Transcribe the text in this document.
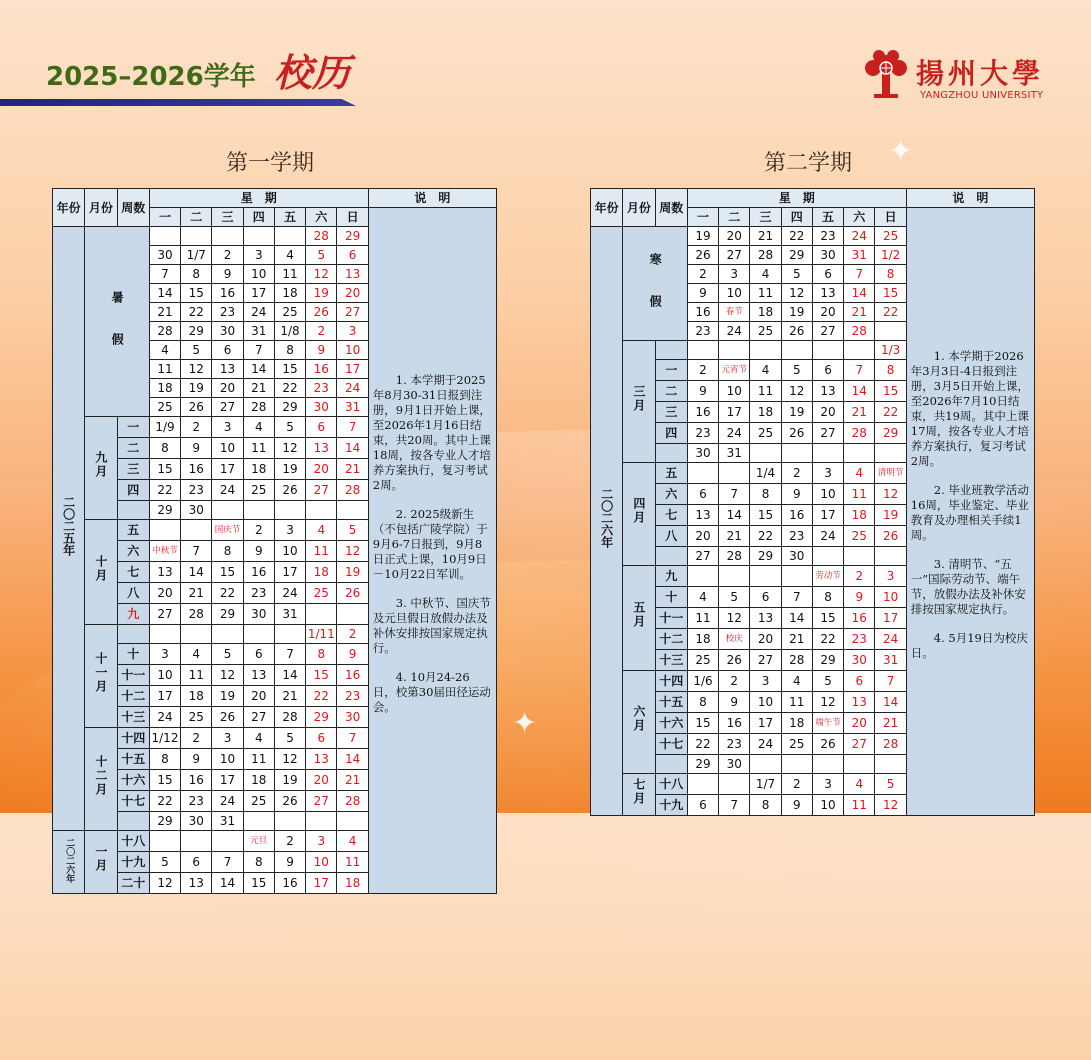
2025–2026学年 校历	揚州大學
YANGZHOU UNIVERSITY
第一学期	第二学期 ✦
✦
年份	月份	周数	星　期							说　明
			一	二	三	四	五	六	日	1. 本学期于2025年8月30-31日报到注册，9月1日开始上课，至2026年1月16日结束，共20周。其中上课18周，按各专业人才培养方案执行，复习考试2周。

2. 2025级新生（不包括广陵学院）于9月6-7日报到，9月8日正式上课，10月9日－10月22日军训。

3. 中秋节、国庆节及元旦假日放假办法及补休安排按国家规定执行。

4. 10月24-26日，校第30届田径运动会。

二〇二五年	暑　　假							28	29	
			30	1/7	2	3	4	5	6	
			7	8	9	10	11	12	13	
			14	15	16	17	18	19	20	
			21	22	23	24	25	26	27	
			28	29	30	31	1/8	2	3	
			4	5	6	7	8	9	10	
			11	12	13	14	15	16	17	
			18	19	20	21	22	23	24	
			25	26	27	28	29	30	31	
	九月	一	1/9	2	3	4	5	6	7	
		二	8	9	10	11	12	13	14	
		三	15	16	17	18	19	20	21	
		四	22	23	24	25	26	27	28	
			29	30						
	十月	五			国庆节	2	3	4	5	
		六	中秋节	7	8	9	10	11	12	
		七	13	14	15	16	17	18	19	
		八	20	21	22	23	24	25	26	
		九	27	28	29	30	31			
	十一月							1/11	2	
		十	3	4	5	6	7	8	9	
		十一	10	11	12	13	14	15	16	
		十二	17	18	19	20	21	22	23	
		十三	24	25	26	27	28	29	30	
	十二月	十四	1/12	2	3	4	5	6	7	
		十五	8	9	10	11	12	13	14	
		十六	15	16	17	18	19	20	21	
		十七	22	23	24	25	26	27	28	
			29	30	31					
二〇二六年	一月	十八				元旦	2	3	4	
		十九	5	6	7	8	9	10	11	
		二十	12	13	14	15	16	17	18	
年份	月份	周数	星　期							说　明
			一	二	三	四	五	六	日	1. 本学期于2026年3月3日-4日报到注册，3月5日开始上课，至2026年7月10日结束，共19周。其中上课17周，按各专业人才培养方案执行，复习考试2周。

2. 毕业班教学活动16周，毕业鉴定、毕业教育及办理相关手续1周。

3. 清明节、“五一”国际劳动节、端午节，放假办法及补休安排按国家规定执行。

4. 5月19日为校庆日。

二〇二六年	寒　　假		19	20	21	22	23	24	25	
			26	27	28	29	30	31	1/2	
			2	3	4	5	6	7	8	
			9	10	11	12	13	14	15	
			16	春节	18	19	20	21	22	
			23	24	25	26	27	28		
	三月								1/3	
		一	2	元宵节	4	5	6	7	8	
		二	9	10	11	12	13	14	15	
		三	16	17	18	19	20	21	22	
		四	23	24	25	26	27	28	29	
			30	31						
	四月	五			1/4	2	3	4	清明节	
		六	6	7	8	9	10	11	12	
		七	13	14	15	16	17	18	19	
		八	20	21	22	23	24	25	26	
			27	28	29	30				
	五月	九					劳动节	2	3	
		十	4	5	6	7	8	9	10	
		十一	11	12	13	14	15	16	17	
		十二	18	校庆	20	21	22	23	24	
		十三	25	26	27	28	29	30	31	
	六月	十四	1/6	2	3	4	5	6	7	
		十五	8	9	10	11	12	13	14	
		十六	15	16	17	18	端午节	20	21	
		十七	22	23	24	25	26	27	28	
			29	30						
	七月	十八			1/7	2	3	4	5	
		十九	6	7	8	9	10	11	12	
